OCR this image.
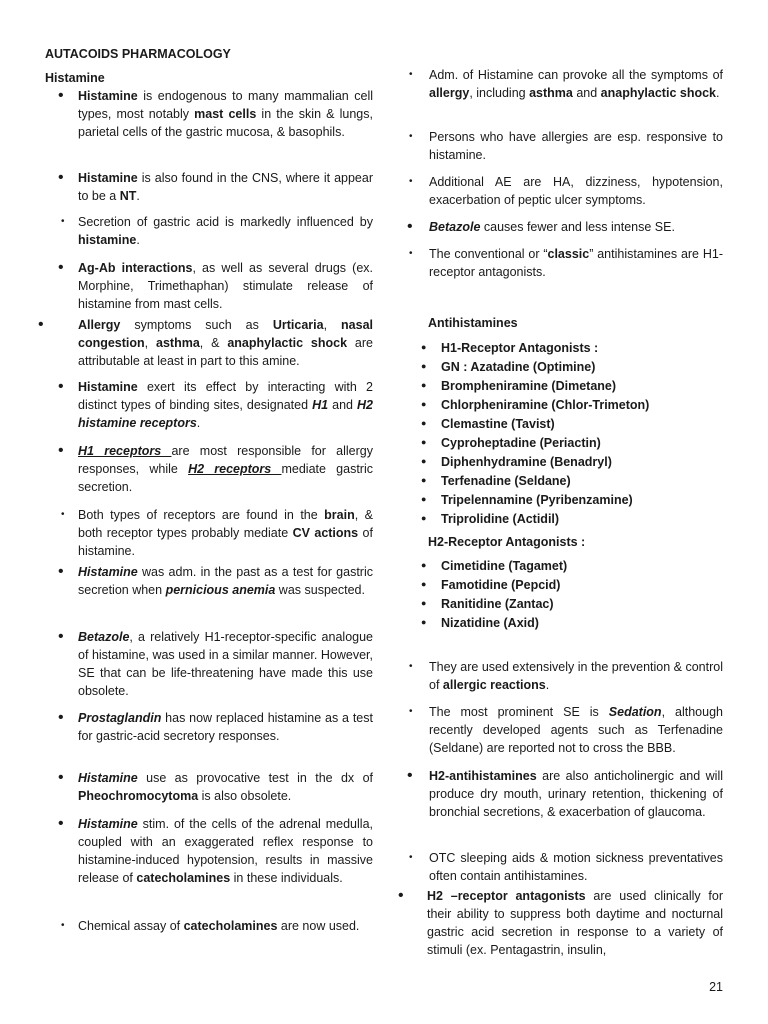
AUTACOIDS PHARMACOLOGY
Histamine
•	Histamine is endogenous to many mammalian cell types, most notably mast cells in the skin & lungs, parietal cells of the gastric mucosa, & basophils.
•	Histamine is also found in the CNS, where it appear to be a NT.
•	Secretion of gastric acid is markedly influenced by histamine.
•	Ag-Ab interactions, as well as several drugs (ex. Morphine, Trimethaphan) stimulate release of histamine from mast cells.
•	Allergy symptoms such as Urticaria, nasal congestion, asthma, & anaphylactic shock are attributable at least in part to this amine.
•	Histamine exert its effect by interacting with 2 distinct types of binding sites, designated H1 and H2 histamine receptors.
•	H1 receptors are most responsible for allergy responses, while H2 receptors mediate gastric secretion.
•	Both types of receptors are found in the brain, & both receptor types probably mediate CV actions of histamine.
•	Histamine was adm. in the past as a test for gastric secretion when pernicious anemia was suspected.
•	Betazole, a relatively H1-receptor-specific analogue of histamine, was used in a similar manner. However, SE that can be life-threatening have made this use obsolete.
•	Prostaglandin has now replaced histamine as a test for gastric-acid secretory responses.
•	Histamine use as provocative test in the dx of Pheochromocytoma is also obsolete.
•	Histamine stim. of the cells of the adrenal medulla, coupled with an exaggerated reflex response to histamine-induced hypotension, results in massive release of catecholamines in these individuals.
•	Chemical assay of catecholamines are now used.
•	Adm. of Histamine can provoke all the symptoms of allergy, including asthma and anaphylactic shock.
•	Persons who have allergies are esp. responsive to histamine.
•	Additional AE are HA, dizziness, hypotension, exacerbation of peptic ulcer symptoms.
•	Betazole causes fewer and less intense SE.
•	The conventional or “classic” antihistamines are H1-receptor antagonists.
Antihistamines
● H1-Receptor Antagonists :
● GN : Azatadine (Optimine)
● Brompheniramine (Dimetane)
● Chlorpheniramine (Chlor-Trimeton)
● Clemastine (Tavist)
● Cyproheptadine (Periactin)
● Diphenhydramine (Benadryl)
● Terfenadine (Seldane)
● Tripelennamine (Pyribenzamine)
● Triprolidine (Actidil)
H2-Receptor Antagonists :
● Cimetidine (Tagamet)
● Famotidine (Pepcid)
● Ranitidine (Zantac)
● Nizatidine (Axid)
•	They are used extensively in the prevention & control of allergic reactions.
•	The most prominent SE is Sedation, although recently developed agents such as Terfenadine (Seldane) are reported not to cross the BBB.
•	H2-antihistamines are also anticholinergic and will produce dry mouth, urinary retention, thickening of bronchial secretions, & exacerbation of glaucoma.
•	OTC sleeping aids & motion sickness preventatives often contain antihistamines.
•	H2 –receptor antagonists are used clinically for their ability to suppress both daytime and nocturnal gastric acid secretion in response to a variety of stimuli (ex. Pentagastrin, insulin,
21
